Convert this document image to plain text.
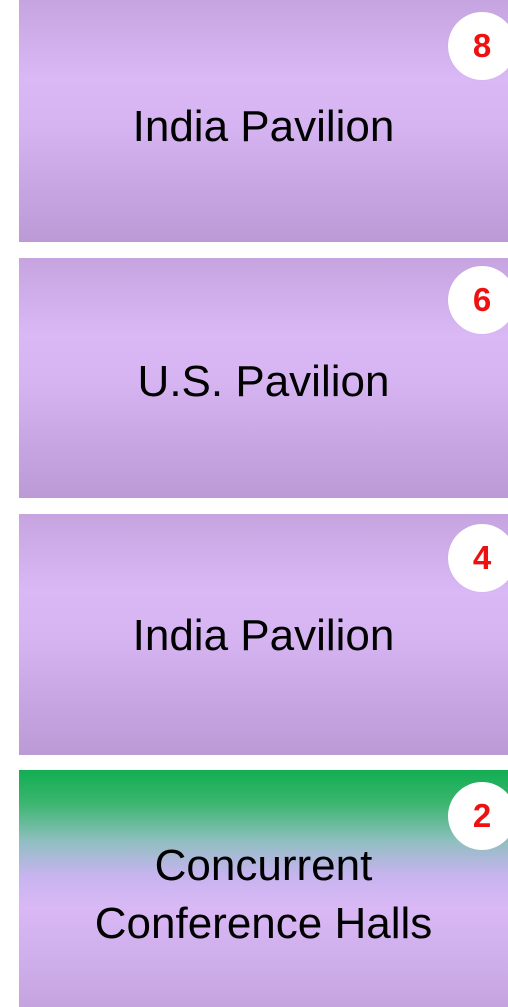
India Pavilion
8
U.S. Pavilion
6
India Pavilion
4
Concurrent
Conference Halls
2
